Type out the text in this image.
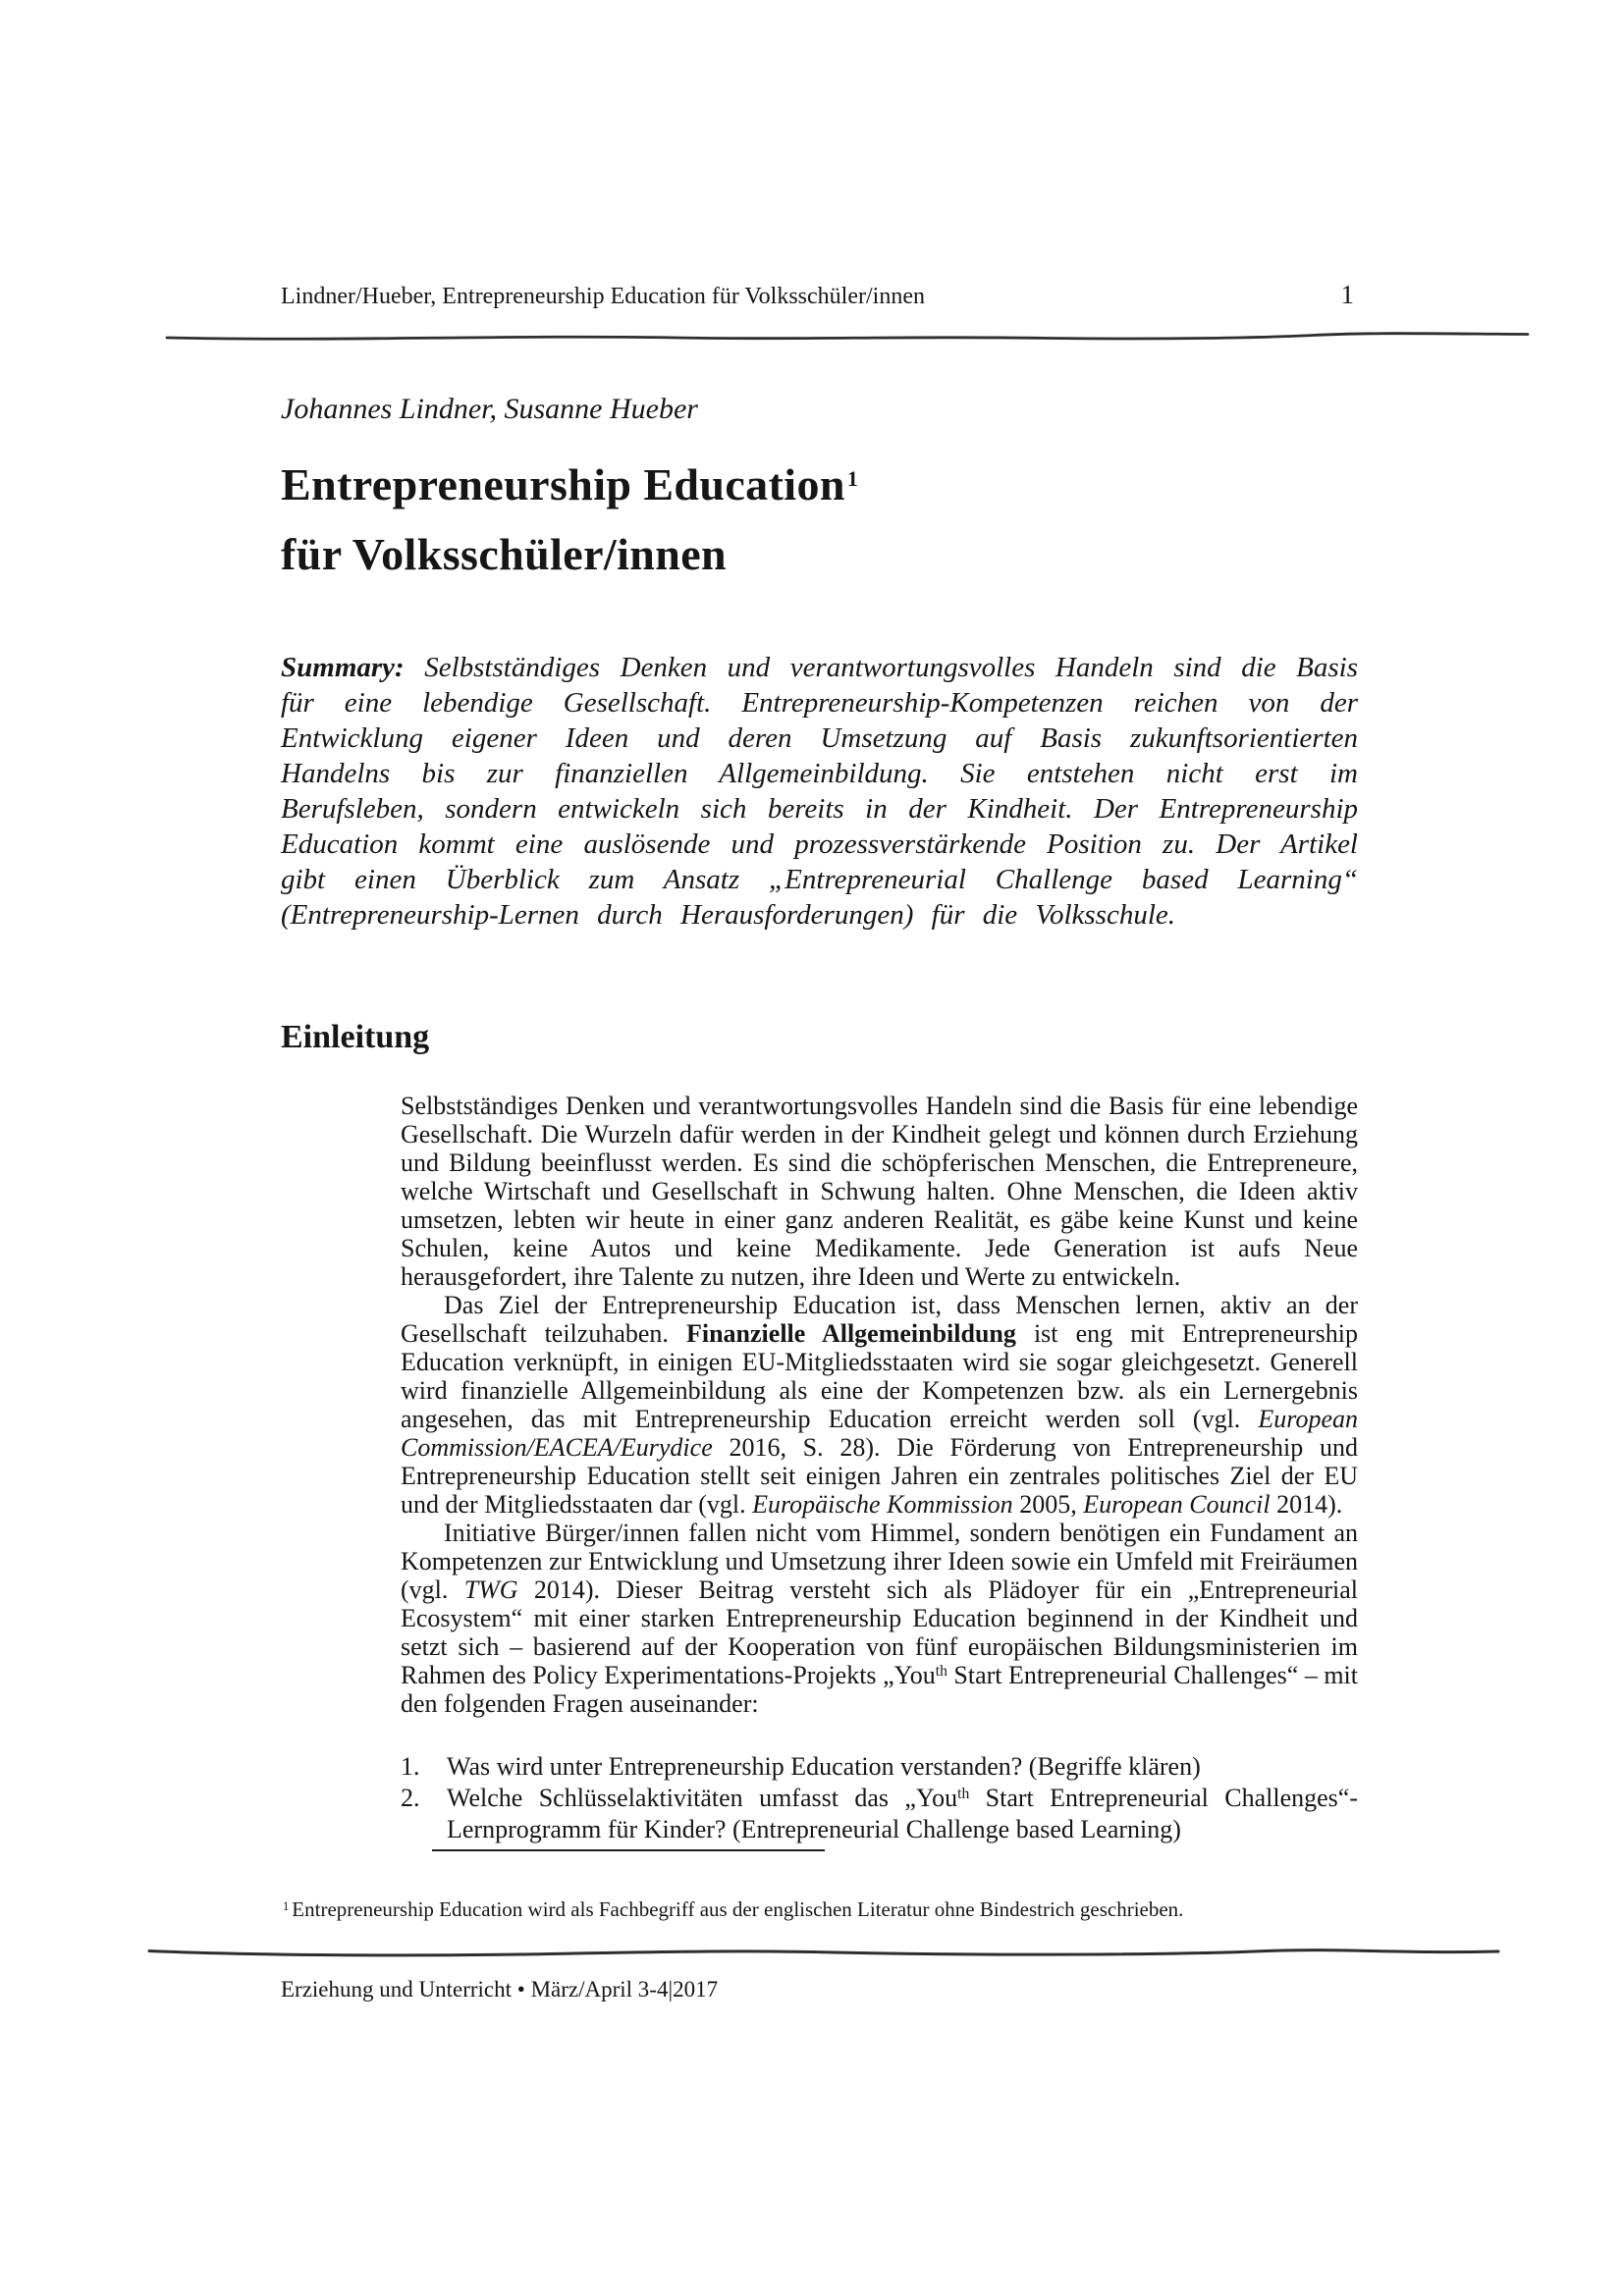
Lindner/Hueber, Entrepreneurship Education für Volksschüler/innen	1
Johannes Lindner, Susanne Hueber
Entrepreneurship Education$^1$
für Volksschüler/innen

Summary: Selbstständiges Denken und verantwortungsvolles Handeln sind die Basis für eine lebendige Gesellschaft. Entrepreneurship-Kompetenzen reichen von der Entwicklung eigener Ideen und deren Umsetzung auf Basis zukunftsorientierten Handelns bis zur finanziellen Allgemeinbildung. Sie entstehen nicht erst im Berufsleben, sondern entwickeln sich bereits in der Kindheit. Der Entrepreneurship Education kommt eine auslösende und prozessverstärkende Position zu. Der Artikel gibt einen Überblick zum Ansatz „Entrepreneurial Challenge based Learning“ (Entrepreneurship-Lernen durch Herausforderungen) für die Volksschule.

Einleitung

Selbstständiges Denken und verantwortungsvolles Handeln sind die Basis für eine lebendige Gesellschaft. Die Wurzeln dafür werden in der Kindheit gelegt und können durch Erziehung und Bildung beeinflusst werden. Es sind die schöpferischen Menschen, die Entrepreneure, welche Wirtschaft und Gesellschaft in Schwung halten. Ohne Menschen, die Ideen aktiv umsetzen, lebten wir heute in einer ganz anderen Realität, es gäbe keine Kunst und keine Schulen, keine Autos und keine Medikamente. Jede Generation ist aufs Neue herausgefordert, ihre Talente zu nutzen, ihre Ideen und Werte zu entwickeln.

Das Ziel der Entrepreneurship Education ist, dass Menschen lernen, aktiv an der Gesellschaft teilzuhaben. Finanzielle Allgemeinbildung ist eng mit Entrepreneurship Education verknüpft, in einigen EU-Mitgliedsstaaten wird sie sogar gleichgesetzt. Generell wird finanzielle Allgemeinbildung als eine der Kompetenzen bzw. als ein Lernergebnis angesehen, das mit Entrepreneurship Education erreicht werden soll (vgl. European Commission/EACEA/Eurydice 2016, S. 28). Die Förderung von Entrepreneurship und Entrepreneurship Education stellt seit einigen Jahren ein zentrales politisches Ziel der EU und der Mitgliedsstaaten dar (vgl. Europäische Kommission 2005, European Council 2014).

Initiative Bürger/innen fallen nicht vom Himmel, sondern benötigen ein Fundament an Kompetenzen zur Entwicklung und Umsetzung ihrer Ideen sowie ein Umfeld mit Freiräumen (vgl. TWG 2014). Dieser Beitrag versteht sich als Plädoyer für ein „Entrepreneurial Ecosystem“ mit einer starken Entrepreneurship Education beginnend in der Kindheit und setzt sich – basierend auf der Kooperation von fünf europäischen Bildungsministerien im Rahmen des Policy Experimentations-Projekts „You$^{th}$ Start Entrepreneurial Challenges“ – mit den folgenden Fragen auseinander:

1.	Was wird unter Entrepreneurship Education verstanden? (Begriffe klären)
2.	Welche Schlüsselaktivitäten umfasst das „You$^{th}$ Start Entrepreneurial Challenges“-Lernprogramm für Kinder? (Entrepreneurial Challenge based Learning)

$^1$ Entrepreneurship Education wird als Fachbegriff aus der englischen Literatur ohne Bindestrich geschrieben.

Erziehung und Unterricht • März/April 3-4|2017
